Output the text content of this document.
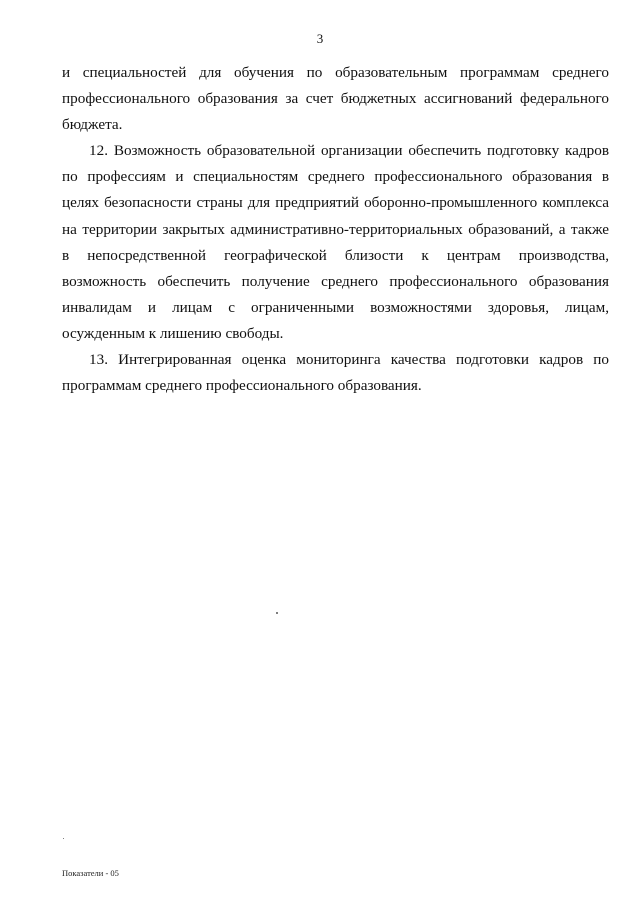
3

и специальностей для обучения по образовательным программам среднего профессионального образования за счет бюджетных ассигнований федерального бюджета.

12. Возможность образовательной организации обеспечить подготовку кадров по профессиям и специальностям среднего профессионального образования в целях безопасности страны для предприятий оборонно-промышленного комплекса на территории закрытых административно-территориальных образований, а также в непосредственной географической близости к центрам производства, возможность обеспечить получение среднего профессионального образования инвалидам и лицам с ограниченными возможностями здоровья, лицам, осужденным к лишению свободы.

13. Интегрированная оценка мониторинга качества подготовки кадров по программам среднего профессионального образования.

Показатели - 05
